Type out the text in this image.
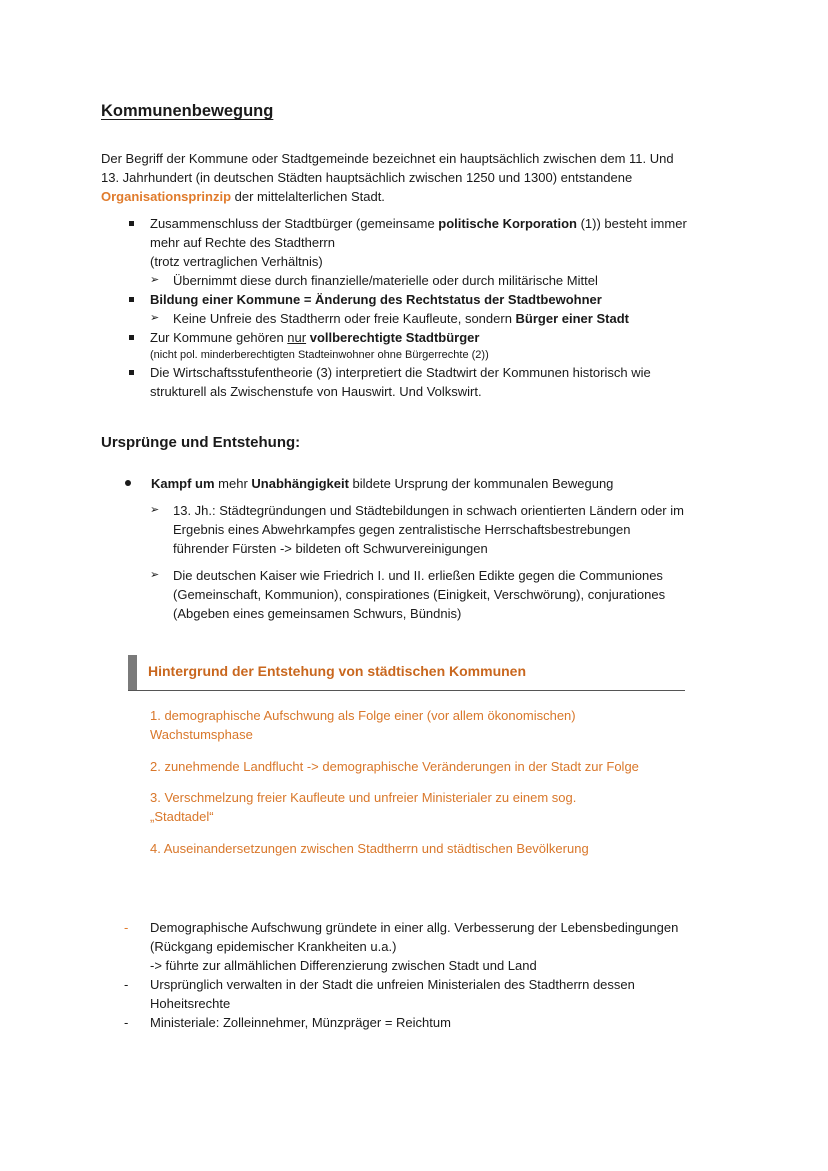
Kommunenbewegung
Der Begriff der Kommune oder Stadtgemeinde bezeichnet ein hauptsächlich zwischen dem 11. Und
13. Jahrhundert (in deutschen Städten hauptsächlich zwischen 1250 und 1300) entstandene
Organisationsprinzip der mittelalterlichen Stadt.
Zusammenschluss der Stadtbürger (gemeinsame politische Korporation (1)) besteht immer
mehr auf Rechte des Stadtherrn
(trotz vertraglichen Verhältnis)
➢ Übernimmt diese durch finanzielle/materielle oder durch militärische Mittel
Bildung einer Kommune = Änderung des Rechtstatus der Stadtbewohner
➢ Keine Unfreie des Stadtherrn oder freie Kaufleute, sondern Bürger einer Stadt
Zur Kommune gehören nur vollberechtigte Stadtbürger
(nicht pol. minderberechtigten Stadteinwohner ohne Bürgerrechte (2))
Die Wirtschaftsstufentheorie (3) interpretiert die Stadtwirt der Kommunen historisch wie
strukturell als Zwischenstufe von Hauswirt. Und Volkswirt.
Ursprünge und Entstehung:
Kampf um mehr Unabhängigkeit bildete Ursprung der kommunalen Bewegung
➢ 13. Jh.: Städtegründungen und Städtebildungen in schwach orientierten Ländern oder im
Ergebnis eines Abwehrkampfes gegen zentralistische Herrschaftsbestrebungen
führender Fürsten -> bildeten oft Schwurvereinigungen
➢ Die deutschen Kaiser wie Friedrich I. und II. erließen Edikte gegen die Communiones
(Gemeinschaft, Kommunion), conspirationes (Einigkeit, Verschwörung), conjurationes
(Abgeben eines gemeinsamen Schwurs, Bündnis)
Hintergrund der Entstehung von städtischen Kommunen
1. demographische Aufschwung als Folge einer (vor allem ökonomischen)
Wachstumsphase
2. zunehmende Landflucht -> demographische Veränderungen in der Stadt zur Folge
3. Verschmelzung freier Kaufleute und unfreier Ministerialer zu einem sog.
„Stadtadel“
4. Auseinandersetzungen zwischen Stadtherrn und städtischen Bevölkerung
- Demographische Aufschwung gründete in einer allg. Verbesserung der Lebensbedingungen
(Rückgang epidemischer Krankheiten u.a.)
-> führte zur allmählichen Differenzierung zwischen Stadt und Land
- Ursprünglich verwalten in der Stadt die unfreien Ministerialen des Stadtherrn dessen
Hoheitsrechte
- Ministeriale: Zolleinnehmer, Münzpräger = Reichtum
